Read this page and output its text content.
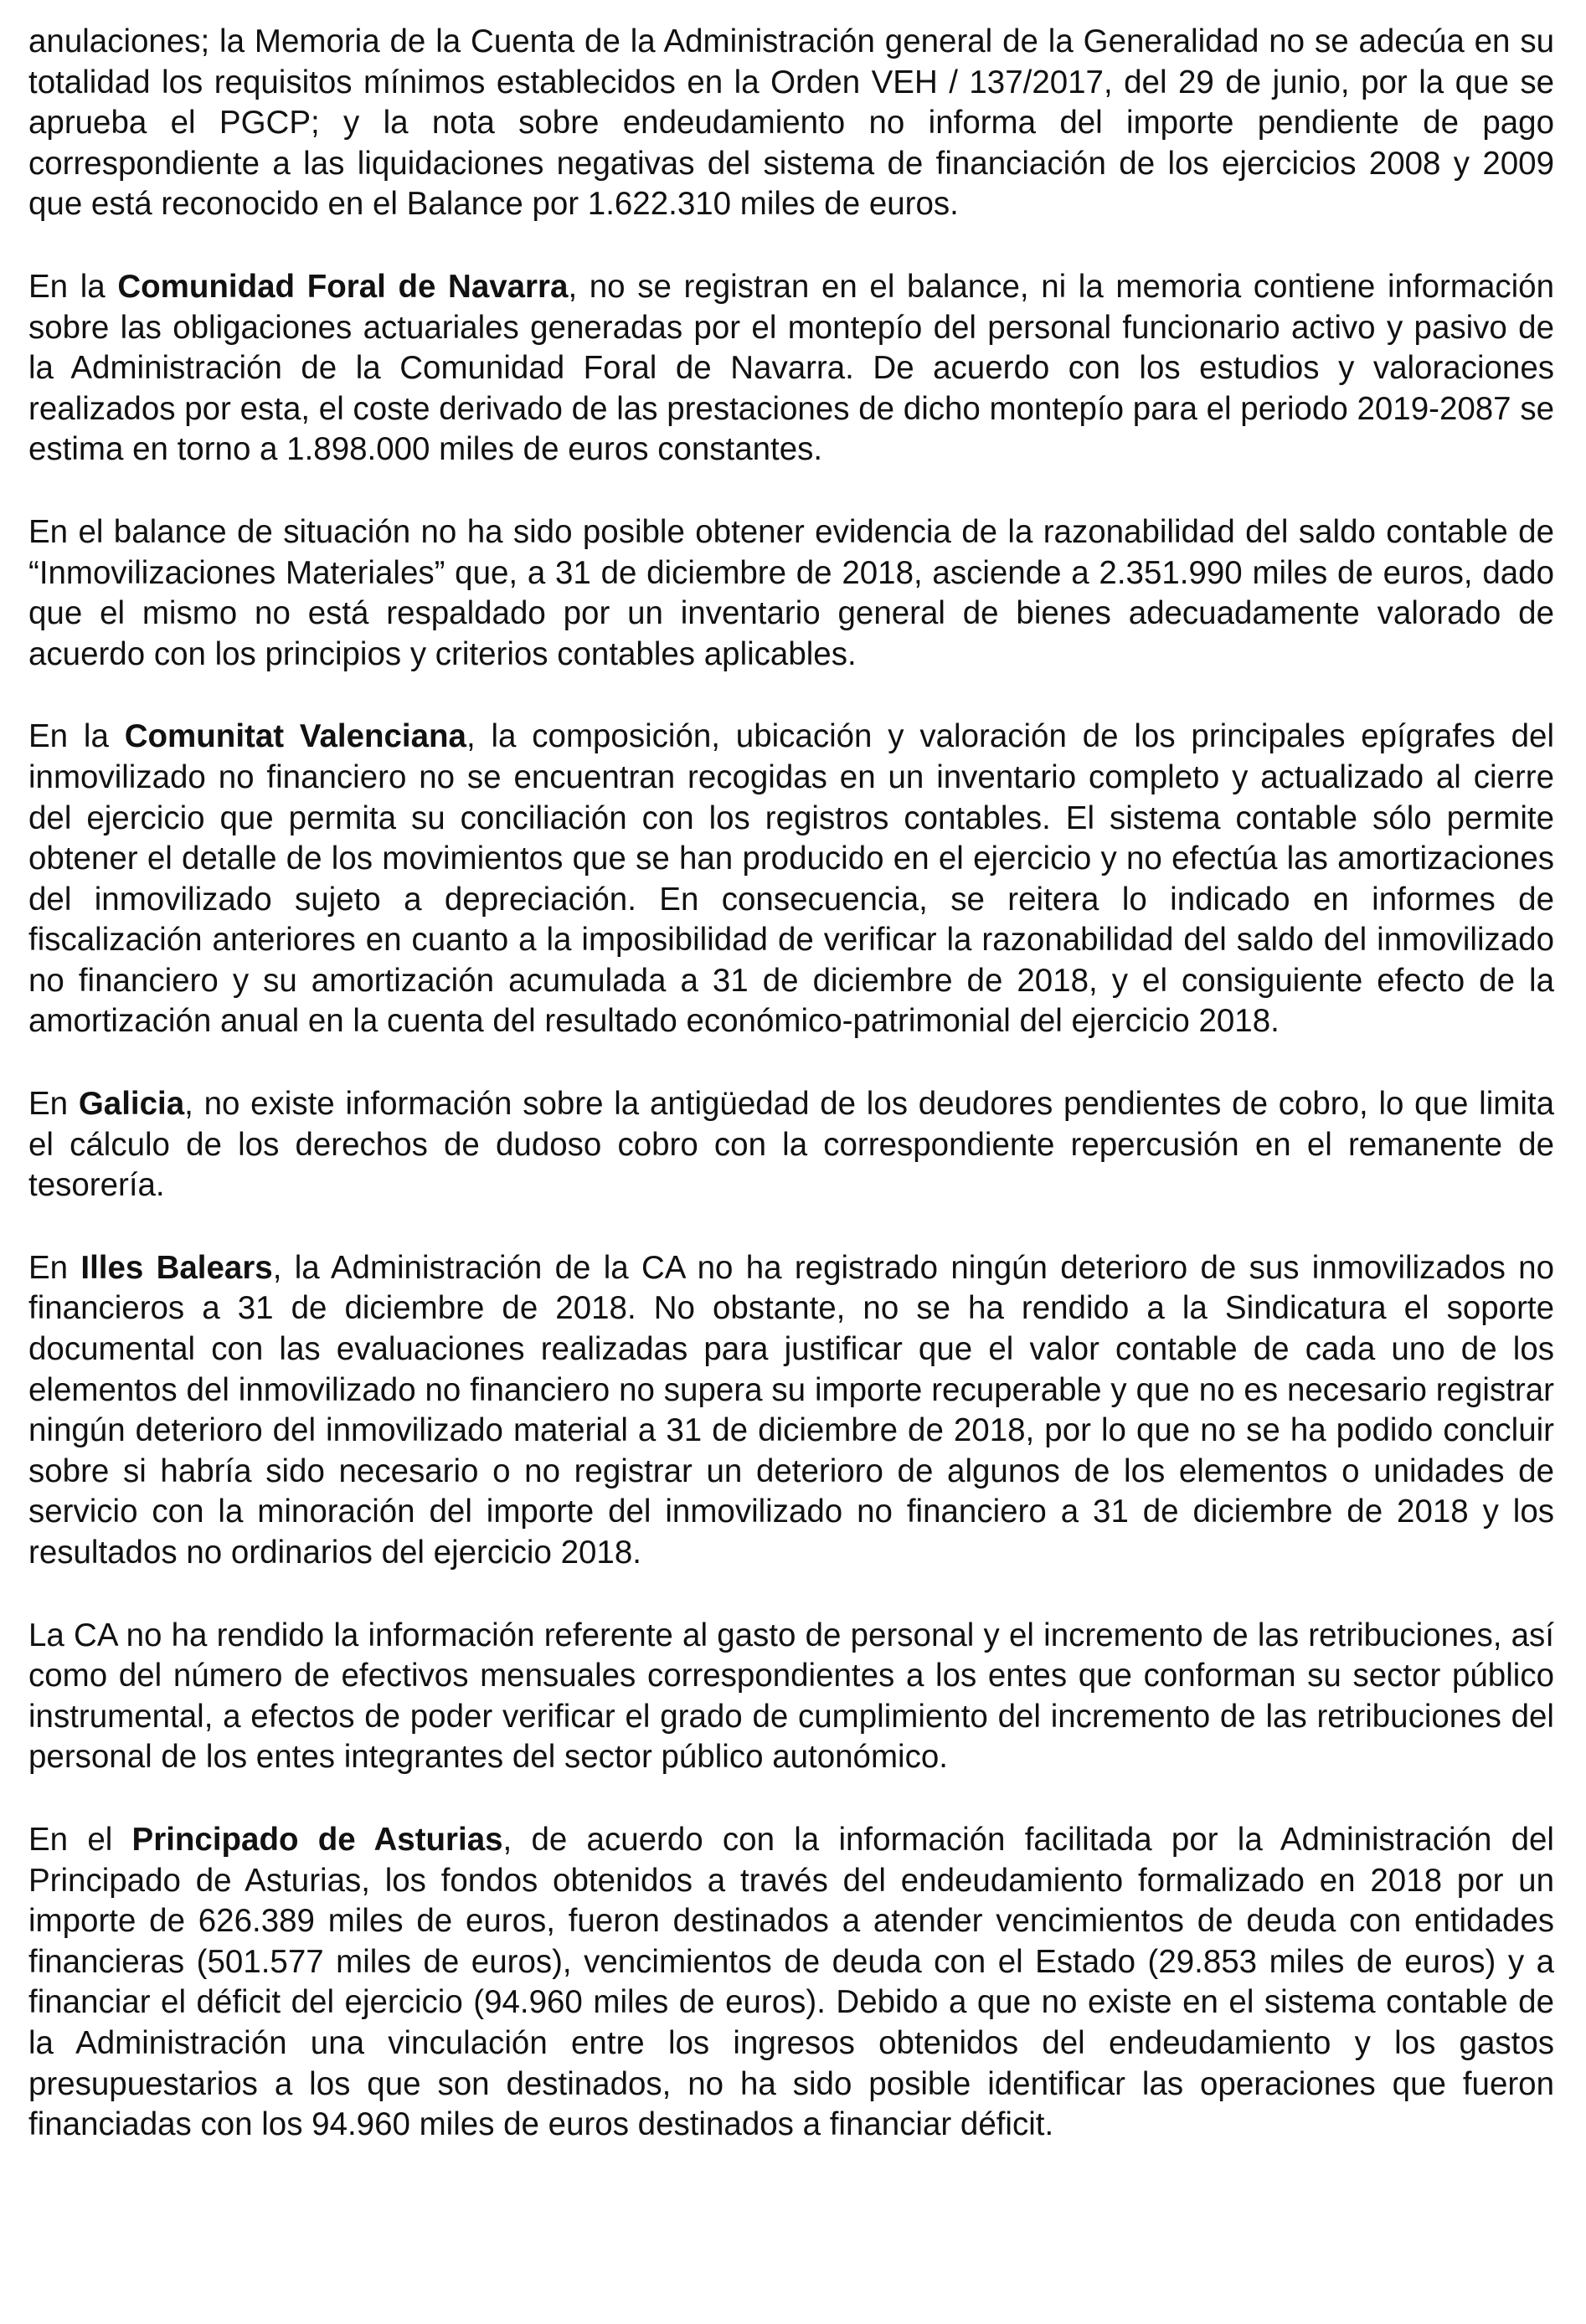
anulaciones; la Memoria de la Cuenta de la Administración general de la Generalidad no se adecúa en su totalidad los requisitos mínimos establecidos en la Orden VEH / 137/2017, del 29 de junio, por la que se aprueba el PGCP; y la nota sobre endeudamiento no informa del importe pendiente de pago correspondiente a las liquidaciones negativas del sistema de financiación de los ejercicios 2008 y 2009 que está reconocido en el Balance por 1.622.310 miles de euros.

En la Comunidad Foral de Navarra, no se registran en el balance, ni la memoria contiene información sobre las obligaciones actuariales generadas por el montepío del personal funcionario activo y pasivo de la Administración de la Comunidad Foral de Navarra. De acuerdo con los estudios y valoraciones realizados por esta, el coste derivado de las prestaciones de dicho montepío para el periodo 2019-2087 se estima en torno a 1.898.000 miles de euros constantes.

En el balance de situación no ha sido posible obtener evidencia de la razonabilidad del saldo contable de “Inmovilizaciones Materiales” que, a 31 de diciembre de 2018, asciende a 2.351.990 miles de euros, dado que el mismo no está respaldado por un inventario general de bienes adecuadamente valorado de acuerdo con los principios y criterios contables aplicables.

En la Comunitat Valenciana, la composición, ubicación y valoración de los principales epígrafes del inmovilizado no financiero no se encuentran recogidas en un inventario completo y actualizado al cierre del ejercicio que permita su conciliación con los registros contables. El sistema contable sólo permite obtener el detalle de los movimientos que se han producido en el ejercicio y no efectúa las amortizaciones del inmovilizado sujeto a depreciación. En consecuencia, se reitera lo indicado en informes de fiscalización anteriores en cuanto a la imposibilidad de verificar la razonabilidad del saldo del inmovilizado no financiero y su amortización acumulada a 31 de diciembre de 2018, y el consiguiente efecto de la amortización anual en la cuenta del resultado económico-patrimonial del ejercicio 2018.

En Galicia, no existe información sobre la antigüedad de los deudores pendientes de cobro, lo que limita el cálculo de los derechos de dudoso cobro con la correspondiente repercusión en el remanente de tesorería.

En Illes Balears, la Administración de la CA no ha registrado ningún deterioro de sus inmovilizados no financieros a 31 de diciembre de 2018. No obstante, no se ha rendido a la Sindicatura el soporte documental con las evaluaciones realizadas para justificar que el valor contable de cada uno de los elementos del inmovilizado no financiero no supera su importe recuperable y que no es necesario registrar ningún deterioro del inmovilizado material a 31 de diciembre de 2018, por lo que no se ha podido concluir sobre si habría sido necesario o no registrar un deterioro de algunos de los elementos o unidades de servicio con la minoración del importe del inmovilizado no financiero a 31 de diciembre de 2018 y los resultados no ordinarios del ejercicio 2018.

La CA no ha rendido la información referente al gasto de personal y el incremento de las retribuciones, así como del número de efectivos mensuales correspondientes a los entes que conforman su sector público instrumental, a efectos de poder verificar el grado de cumplimiento del incremento de las retribuciones del personal de los entes integrantes del sector público autonómico.

En el Principado de Asturias, de acuerdo con la información facilitada por la Administración del Principado de Asturias, los fondos obtenidos a través del endeudamiento formalizado en 2018 por un importe de 626.389 miles de euros, fueron destinados a atender vencimientos de deuda con entidades financieras (501.577 miles de euros), vencimientos de deuda con el Estado (29.853 miles de euros) y a financiar el déficit del ejercicio (94.960 miles de euros). Debido a que no existe en el sistema contable de la Administración una vinculación entre los ingresos obtenidos del endeudamiento y los gastos presupuestarios a los que son destinados, no ha sido posible identificar las operaciones que fueron financiadas con los 94.960 miles de euros destinados a financiar déficit.
